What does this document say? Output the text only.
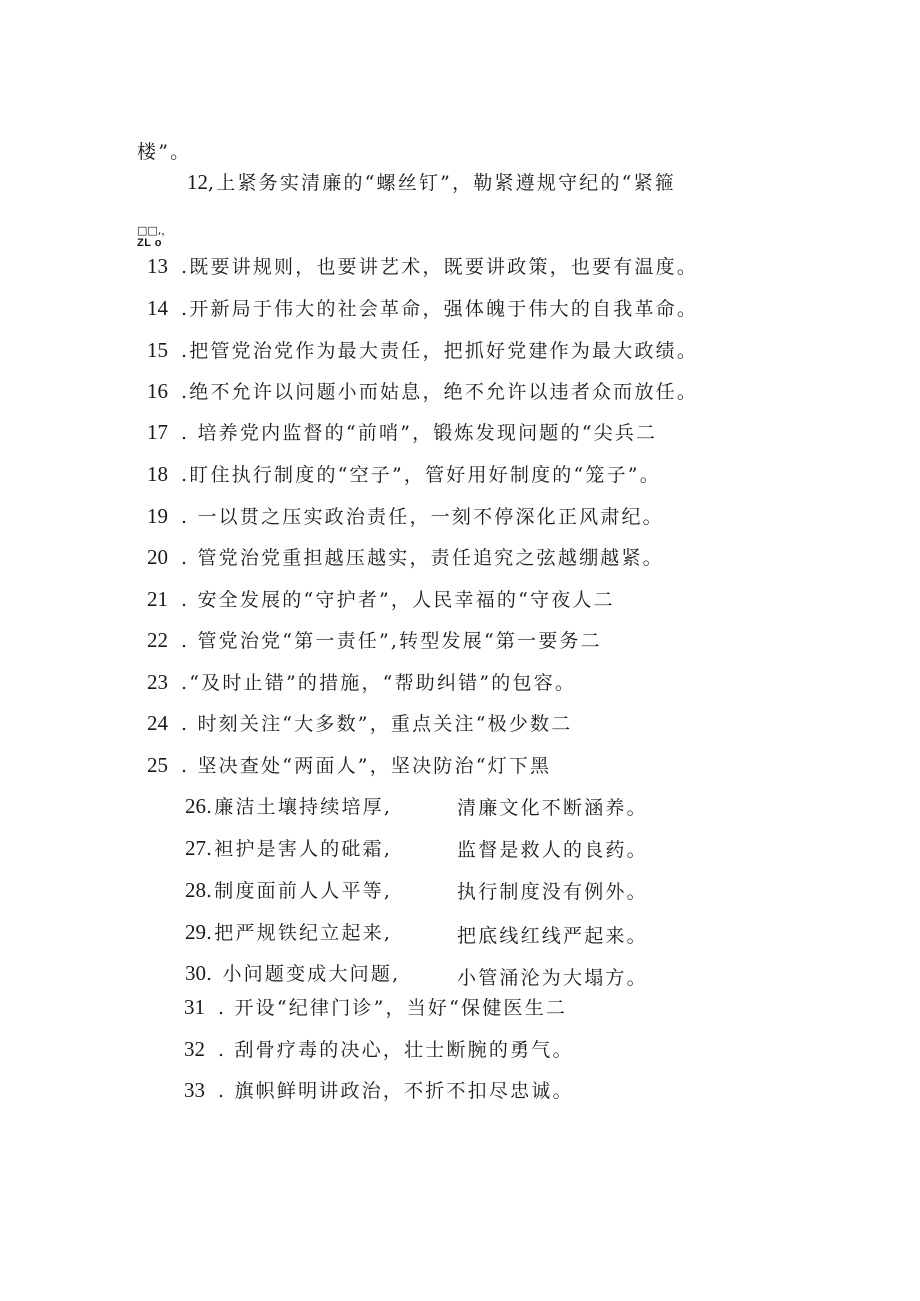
楼”。
12,上紧务实清廉的“螺丝钉”，勒紧遵规守纪的“紧箍
□□,，
ZL o
13 .既要讲规则，也要讲艺术，既要讲政策，也要有温度。
14 .开新局于伟大的社会革命，强体魄于伟大的自我革命。
15 .把管党治党作为最大责任，把抓好党建作为最大政绩。
16 .绝不允许以问题小而姑息，绝不允许以违者众而放任。
17 . 培养党内监督的“前哨”，锻炼发现问题的“尖兵二
18 .盯住执行制度的“空子”，管好用好制度的“笼子”。
19 . 一以贯之压实政治责任，一刻不停深化正风肃纪。
20 . 管党治党重担越压越实，责任追究之弦越绷越紧。
21 . 安全发展的“守护者”，人民幸福的“守夜人二
22 . 管党治党“第一责任”,转型发展“第一要务二
23 .“及时止错”的措施，“帮助纠错”的包容。
24 . 时刻关注“大多数”，重点关注“极少数二
25 . 坚决查处“两面人”，坚决防治“灯下黑
26.廉洁土壤持续培厚,	清廉文化不断涵养。
27.袒护是害人的砒霜,	监督是救人的良药。
28.制度面前人人平等,	执行制度没有例外。
29.把严规铁纪立起来,	把底线红线严起来。
30. 小问题变成大问题,	小管涌沦为大塌方。
31 . 开设“纪律门诊”，当好“保健医生二
32 . 刮骨疗毒的决心，壮士断腕的勇气。
33 . 旗帜鲜明讲政治，不折不扣尽忠诚。
